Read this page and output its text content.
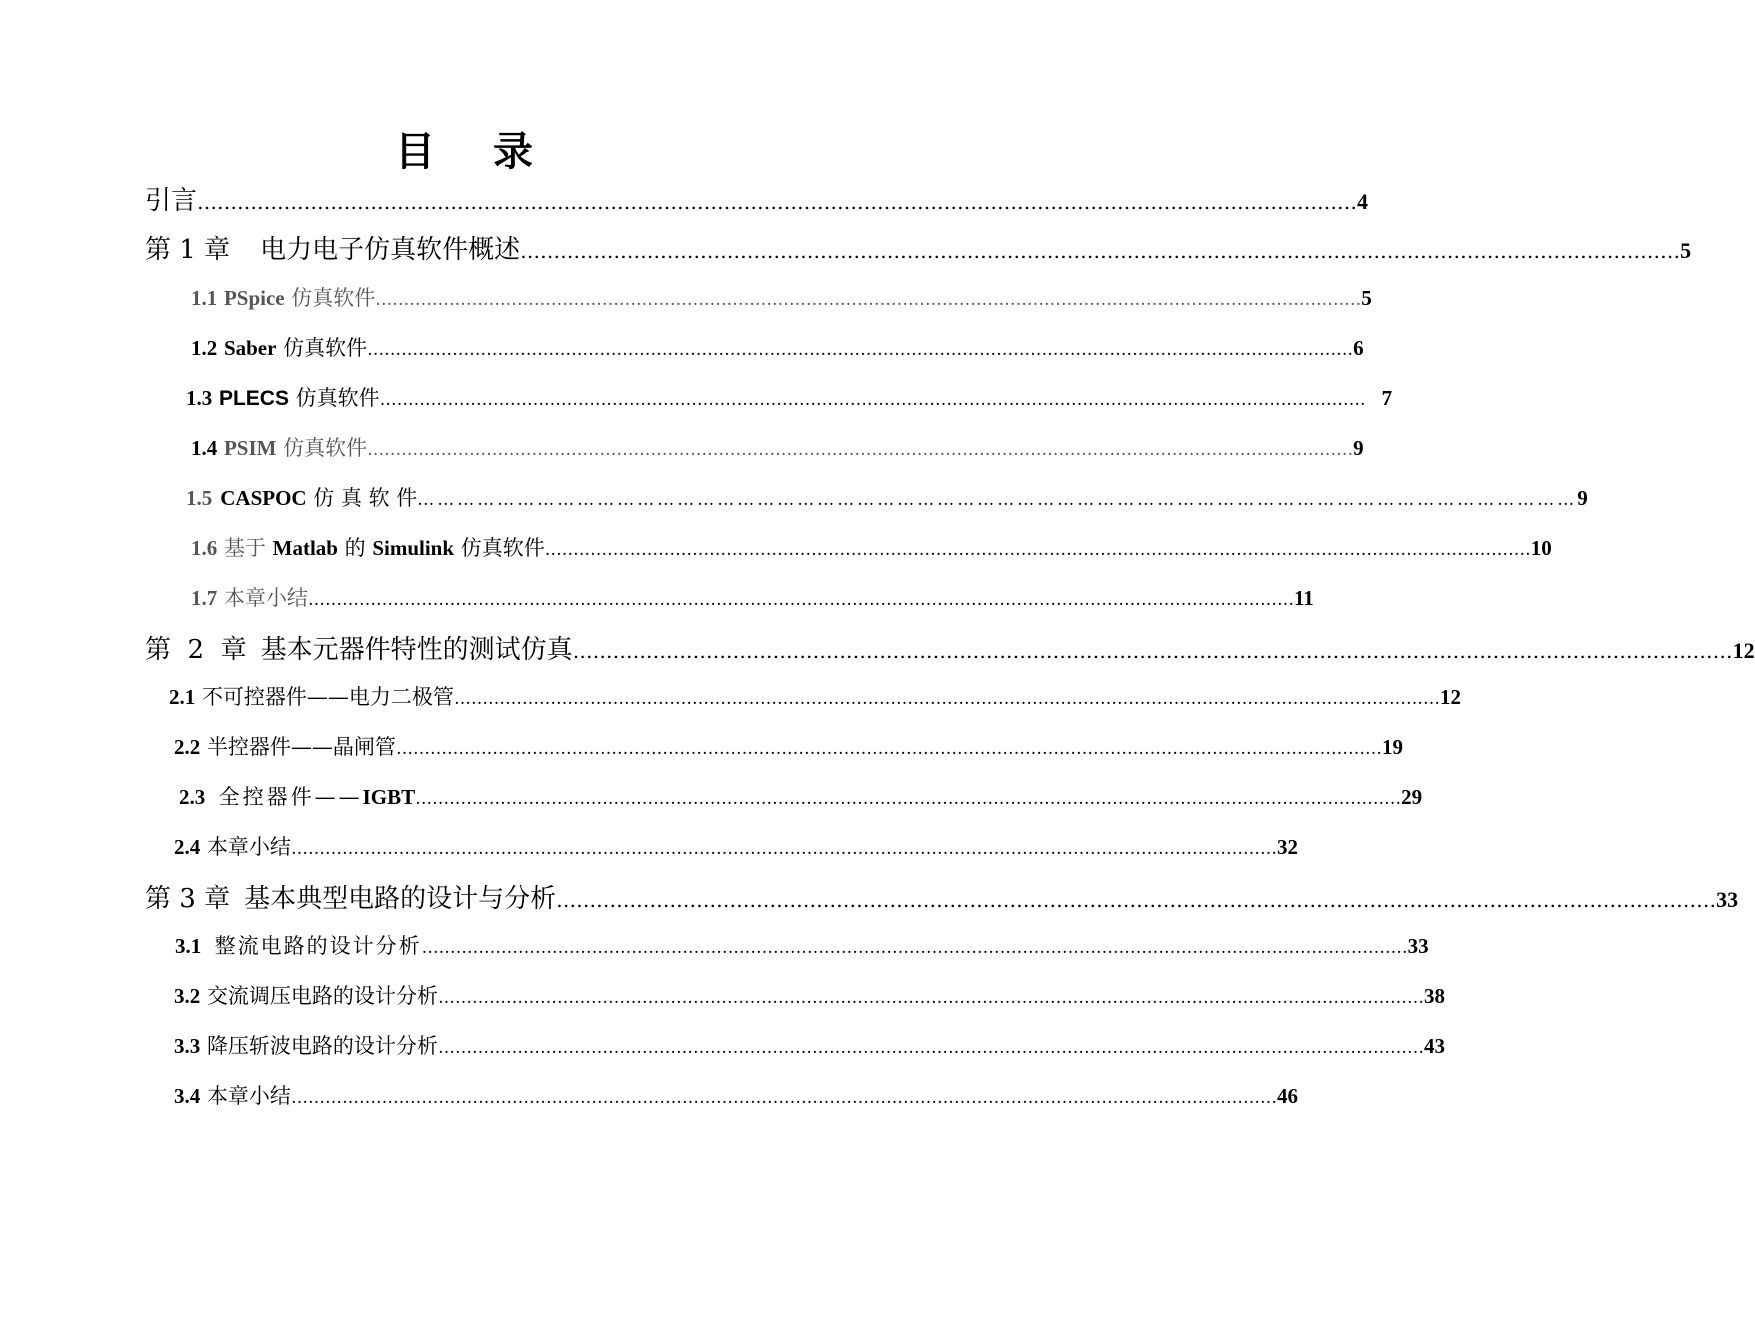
目 录
引言 ………………………………………………………………………………………………………………………………………………………… 4
第 1 章 电力电子仿真软件概述 ………………………………………………………………………………………………………………………………………………………… 5
1.1 PSpice 仿真软件 ………………………………………………………………………………………………………………………………………………………… 5
1.2 Saber 仿真软件 ………………………………………………………………………………………………………………………………………………………… 6
1.3 PLECS 仿真软件 ………………………………………………………………………………………………………………………………………………………… 7
1.4 PSIM 仿真软件 ………………………………………………………………………………………………………………………………………………………… 9
1.5 CASPOC 仿 真 软 件 ………………………………………………………………………………………………………………………………………………………… 9
1.6 基于 Matlab 的 Simulink 仿真软件 ………………………………………………………………………………………………………………………………………………………… 10
1.7 本章小结 ………………………………………………………………………………………………………………………………………………………… 11
第  2  章 基本元器件特性的测试仿真 ………………………………………………………………………………………………………………………………………………………… 12
2.1 不可控器件——电力二极管 ………………………………………………………………………………………………………………………………………………………… 12
2.2 半控器件——晶闸管 ………………………………………………………………………………………………………………………………………………………… 19
2.3 全控器件——IGBT ………………………………………………………………………………………………………………………………………………………… 29
2.4 本章小结 ………………………………………………………………………………………………………………………………………………………… 32
第 3 章 基本典型电路的设计与分析 ………………………………………………………………………………………………………………………………………………………… 33
3.1 整流电路的设计分析 ………………………………………………………………………………………………………………………………………………………… 33
3.2 交流调压电路的设计分析 ………………………………………………………………………………………………………………………………………………………… 38
3.3 降压斩波电路的设计分析 ………………………………………………………………………………………………………………………………………………………… 43
3.4 本章小结 ………………………………………………………………………………………………………………………………………………………… 46
